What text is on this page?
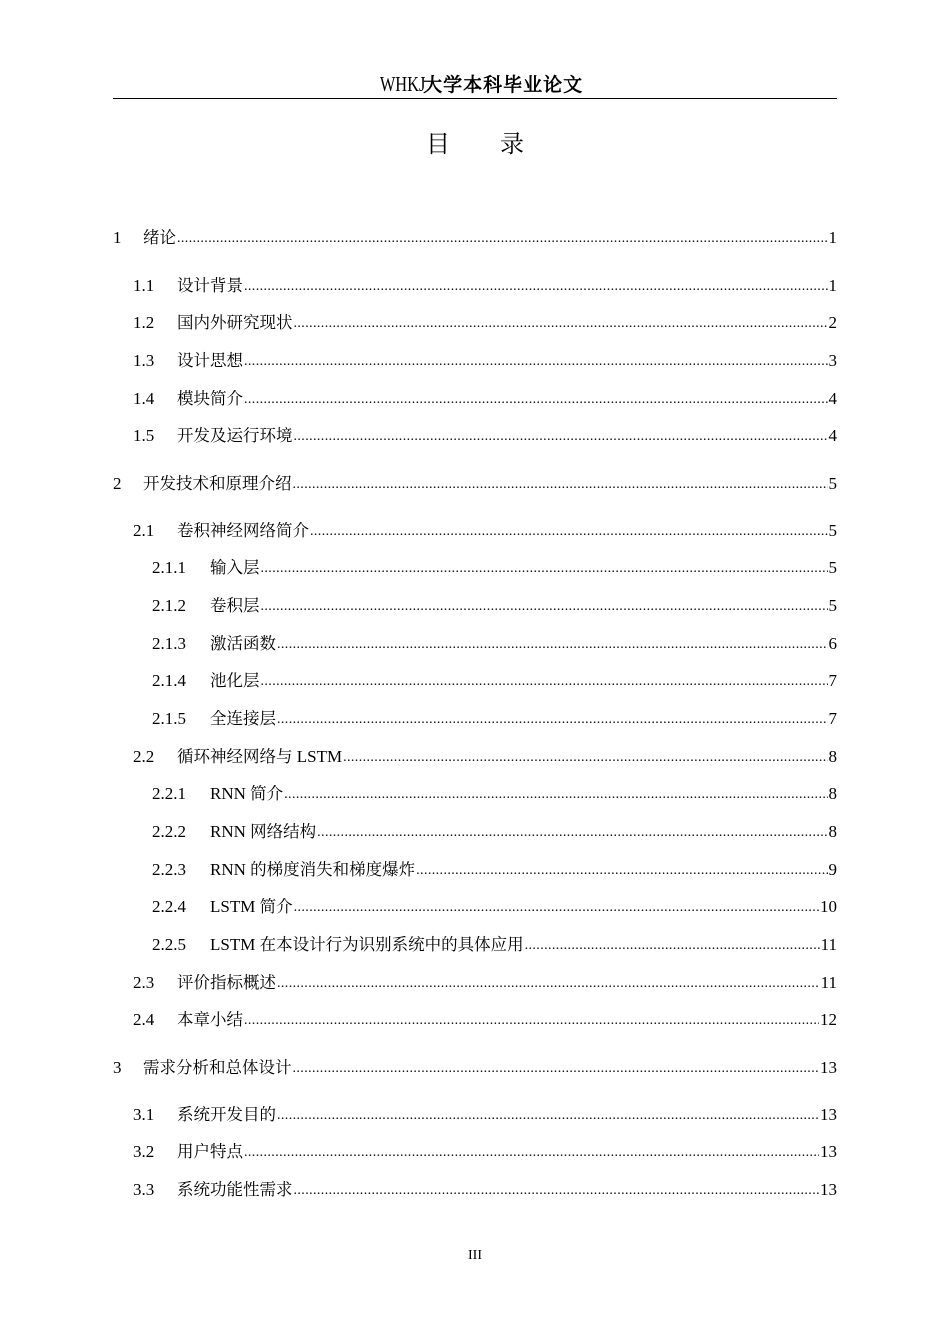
WHKJ 大学本科毕业论文
目 录
1	绪论 .....	1
1.1	设计背景 .....	1
1.2	国内外研究现状 .....	2
1.3	设计思想 .....	3
1.4	模块简介 .....	4
1.5	开发及运行环境 .....	4
2	开发技术和原理介绍 .....	5
2.1	卷积神经网络简介 .....	5
2.1.1	输入层 .....	5
2.1.2	卷积层 .....	5
2.1.3	激活函数 .....	6
2.1.4	池化层 .....	7
2.1.5	全连接层 .....	7
2.2	循环神经网络与 LSTM .....	8
2.2.1	RNN 简介 .....	8
2.2.2	RNN 网络结构 .....	8
2.2.3	RNN 的梯度消失和梯度爆炸 .....	9
2.2.4	LSTM 简介 .....	10
2.2.5	LSTM 在本设计行为识别系统中的具体应用 .....	11
2.3	评价指标概述 .....	11
2.4	本章小结 .....	12
3	需求分析和总体设计 .....	13
3.1	系统开发目的 .....	13
3.2	用户特点 .....	13
3.3	系统功能性需求 .....	13
III
